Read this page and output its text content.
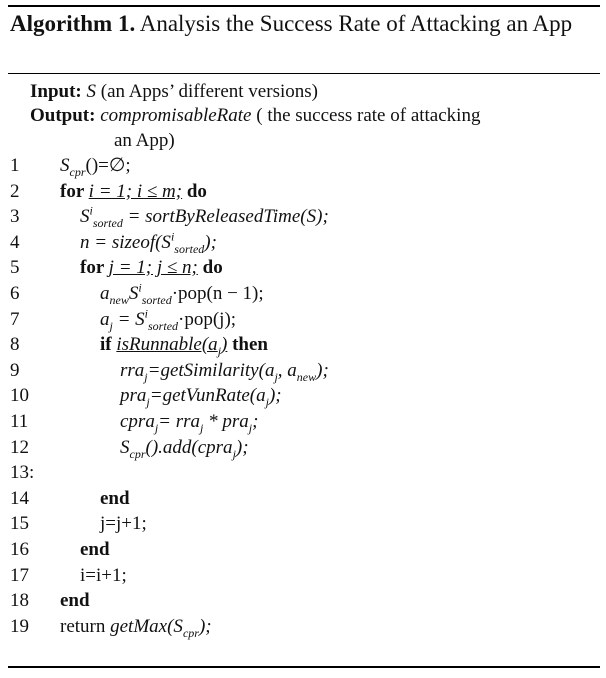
Algorithm 1. Analysis the Success Rate of Attacking an App
Input: S (an Apps’ different versions)
Output: compromisableRate ( the success rate of attacking
an App)
1 $S_{cpr}()=\emptyset$;
2 for i = 1; i ≤ m; do
3	$S^i_{sorted}$ = sortByReleasedTime(S);
4	$n = sizeof(S^i_{sorted})$;
5	for j = 1; j ≤ n; do
6	$a_{new}S^i_{sorted}\cdot pop(n - 1)$;
7	$a_j = S^i_{sorted}\cdot pop(j)$;
8	if $isRunnable(a_j)$ then
9	$rra_j=getSimilarity(a_j$, $a_{new}$);
10	$pra_j=getVunRate(a_j)$;
11	cpra$_j$= rra$_j$ * pra$_j$;
12	$S_{cpr}().add(cpra_j)$;
13:
14	end
15	j=j+1;
16	end
17	i=i+1;
18 end
19 return $getMax(S_{cpr})$;
